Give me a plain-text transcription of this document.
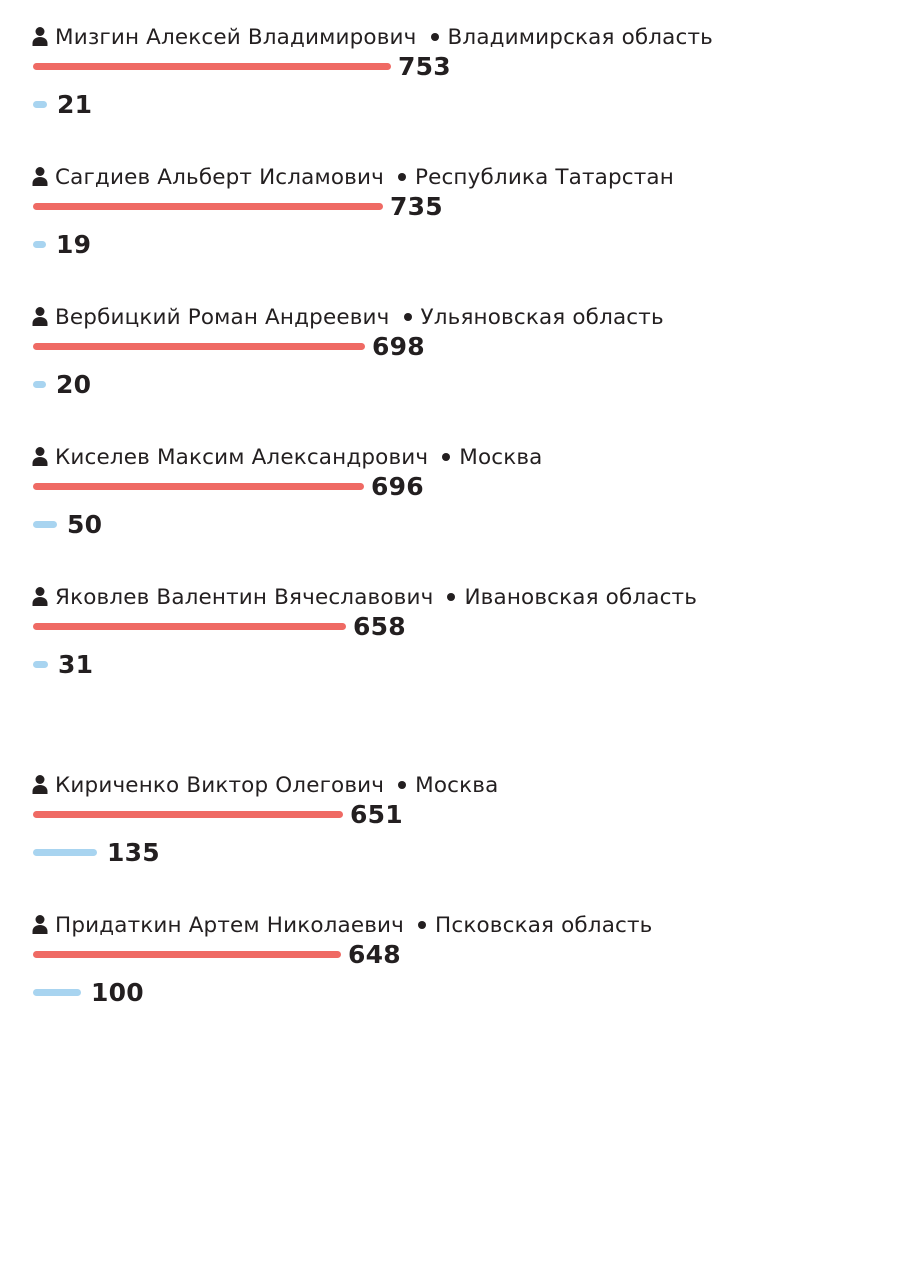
Мизгин Алексей Владимирович Владимирская область
753
21
Сагдиев Альберт Исламович Республика Татарстан
735
19
Вербицкий Роман Андреевич Ульяновская область
698
20
Киселев Максим Александрович Москва
696
50
Яковлев Валентин Вячеславович Ивановская область
658
31
Кириченко Виктор Олегович Москва
651
135
Придаткин Артем Николаевич Псковская область
648
100
